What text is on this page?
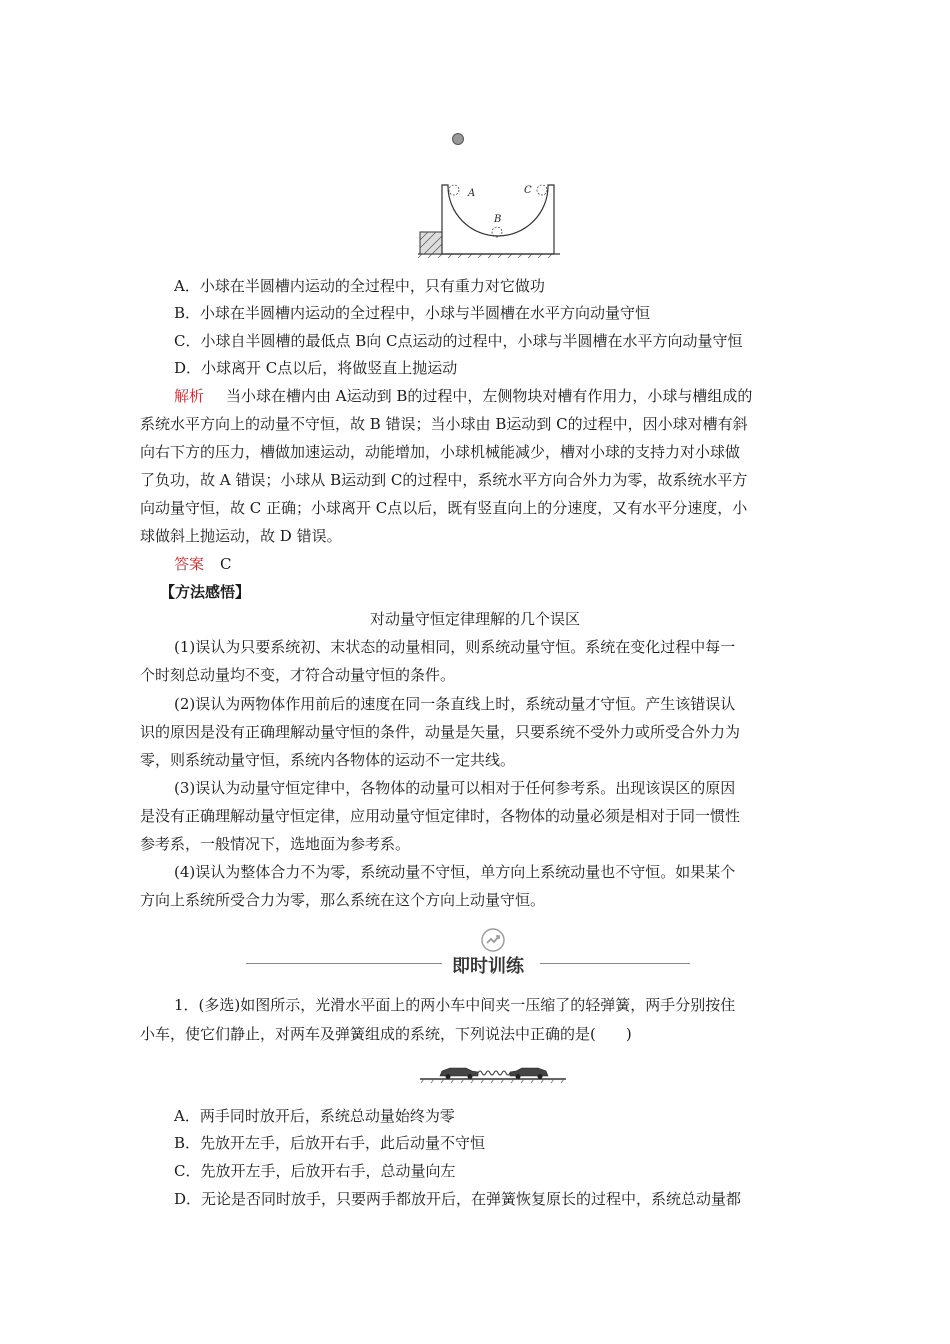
A
B
C
A．小球在半圆槽内运动的全过程中，只有重力对它做功
B．小球在半圆槽内运动的全过程中，小球与半圆槽在水平方向动量守恒
C．小球自半圆槽的最低点 B向 C点运动的过程中，小球与半圆槽在水平方向动量守恒
D．小球离开 C点以后，将做竖直上抛运动
解析 当小球在槽内由 A运动到 B的过程中，左侧物块对槽有作用力，小球与槽组成的
系统水平方向上的动量不守恒，故 B 错误；当小球由 B运动到 C的过程中，因小球对槽有斜
向右下方的压力，槽做加速运动，动能增加，小球机械能减少，槽对小球的支持力对小球做
了负功，故 A 错误；小球从 B运动到 C的过程中，系统水平方向合外力为零，故系统水平方
向动量守恒，故 C 正确；小球离开 C点以后，既有竖直向上的分速度，又有水平分速度，小
球做斜上抛运动，故 D 错误。
答案 C
【方法感悟】
对动量守恒定律理解的几个误区
(1)误认为只要系统初、末状态的动量相同，则系统动量守恒。系统在变化过程中每一
个时刻总动量均不变，才符合动量守恒的条件。
(2)误认为两物体作用前后的速度在同一条直线上时，系统动量才守恒。产生该错误认
识的原因是没有正确理解动量守恒的条件，动量是矢量，只要系统不受外力或所受合外力为
零，则系统动量守恒，系统内各物体的运动不一定共线。
(3)误认为动量守恒定律中，各物体的动量可以相对于任何参考系。出现该误区的原因
是没有正确理解动量守恒定律，应用动量守恒定律时，各物体的动量必须是相对于同一惯性
参考系，一般情况下，选地面为参考系。
(4)误认为整体合力不为零，系统动量不守恒，单方向上系统动量也不守恒。如果某个
方向上系统所受合力为零，那么系统在这个方向上动量守恒。
即时训练
1．(多选)如图所示，光滑水平面上的两小车中间夹一压缩了的轻弹簧，两手分别按住
小车，使它们静止，对两车及弹簧组成的系统，下列说法中正确的是(　　)
A．两手同时放开后，系统总动量始终为零
B．先放开左手，后放开右手，此后动量不守恒
C．先放开左手，后放开右手，总动量向左
D．无论是否同时放手，只要两手都放开后，在弹簧恢复原长的过程中，系统总动量都
